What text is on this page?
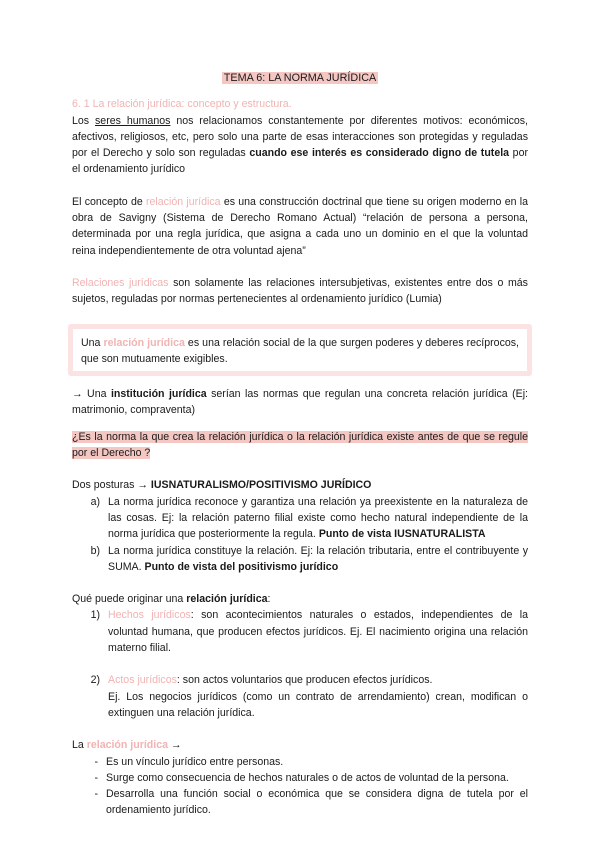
TEMA 6: LA NORMA JURÍDICA

6. 1 La relación jurídica: concepto y estructura.

Los seres humanos nos relacionamos constantemente por diferentes motivos: económicos, afectivos, religiosos, etc, pero solo una parte de esas interacciones son protegidas y reguladas por el Derecho y solo son reguladas cuando ese interés es considerado digno de tutela por el ordenamiento jurídico

El concepto de relación jurídica es una construcción doctrinal que tiene su origen moderno en la obra de Savigny (Sistema de Derecho Romano Actual) “relación de persona a persona, determinada por una regla jurídica, que asigna a cada uno un dominio en el que la voluntad reina independientemente de otra voluntad ajena”

Relaciones jurídicas son solamente las relaciones intersubjetivas, existentes entre dos o más sujetos, reguladas por normas pertenecientes al ordenamiento jurídico (Lumia)

Una relación jurídica es una relación social de la que surgen poderes y deberes recíprocos, que son mutuamente exigibles.

→ Una institución jurídica serían las normas que regulan una concreta relación jurídica (Ej: matrimonio, compraventa)

¿Es la norma la que crea la relación jurídica o la relación jurídica existe antes de que se regule por el Derecho ?

Dos posturas → IUSNATURALISMO/POSITIVISMO JURÍDICO

a) La norma jurídica reconoce y garantiza una relación ya preexistente en la naturaleza de las cosas. Ej: la relación paterno filial existe como hecho natural independiente de la norma jurídica que posteriormente la regula. Punto de vista IUSNATURALISTA
b) La norma jurídica constituye la relación. Ej: la relación tributaria, entre el contribuyente y SUMA. Punto de vista del positivismo jurídico

Qué puede originar una relación jurídica:

1) Hechos jurídicos: son acontecimientos naturales o estados, independientes de la voluntad humana, que producen efectos jurídicos. Ej. El nacimiento origina una relación materno filial.
2) Actos jurídicos: son actos voluntarios que producen efectos jurídicos.
Ej. Los negocios jurídicos (como un contrato de arrendamiento) crean, modifican o extinguen una relación jurídica.

La relación jurídica →

- Es un vínculo jurídico entre personas.
- Surge como consecuencia de hechos naturales o de actos de voluntad de la persona.
- Desarrolla una función social o económica que se considera digna de tutela por el ordenamiento jurídico.
